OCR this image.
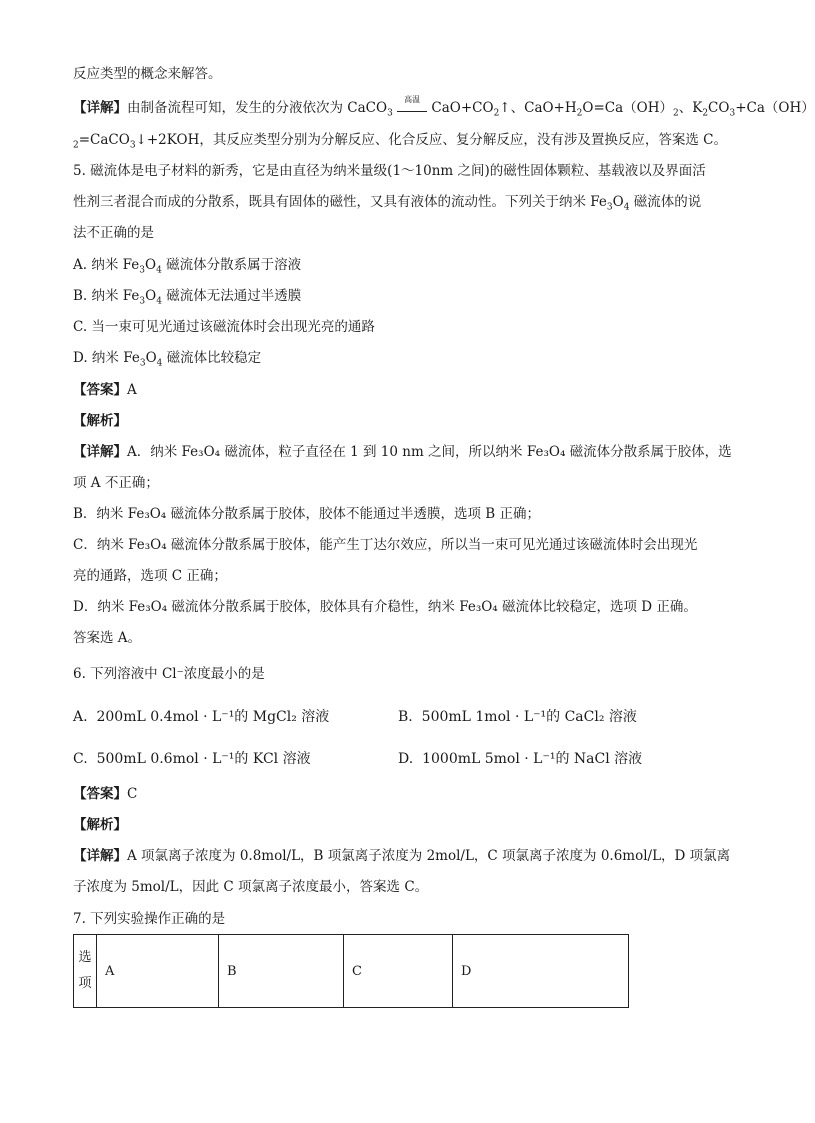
反应类型的概念来解答。
【详解】由制备流程可知，发生的分液依次为 CaCO$_3$
高温
$CaO+CO_2↑$、$CaO+H_2O=Ca(OH)_2$、$K_2CO_3+Ca(OH)$
$_2$=CaCO$_3$↓+2KOH，其反应类型分别为分解反应、化合反应、复分解反应，没有涉及置换反应，答案选 C。
5. 磁流体是电子材料的新秀，它是由直径为纳米量级(1～10nm 之间)的磁性固体颗粒、基载液以及界面活
性剂三者混合而成的分散系，既具有固体的磁性，又具有液体的流动性。下列关于纳米 $Fe_3O_4$ 磁流体的说
法不正确的是
A. 纳米 $Fe_3O_4$ 磁流体分散系属于溶液
B. 纳米 $Fe_3O_4$ 磁流体无法通过半透膜
C. 当一束可见光通过该磁流体时会出现光亮的通路
D. 纳米 $Fe_3O_4$ 磁流体比较稳定
【答案】A
【解析】
【详解】A．纳米 Fe₃O₄ 磁流体，粒子直径在 1 到 10 nm 之间，所以纳米 Fe₃O₄ 磁流体分散系属于胶体，选
项 A 不正确；
B．纳米 Fe₃O₄ 磁流体分散系属于胶体，胶体不能通过半透膜，选项 B 正确；
C．纳米 Fe₃O₄ 磁流体分散系属于胶体，能产生丁达尔效应，所以当一束可见光通过该磁流体时会出现光
亮的通路，选项 C 正确；
D．纳米 Fe₃O₄ 磁流体分散系属于胶体，胶体具有介稳性，纳米 Fe₃O₄ 磁流体比较稳定，选项 D 正确。
答案选 A。
6. 下列溶液中 Cl⁻浓度最小的是
A. 200mL 0.4mol · L⁻¹的 MgCl₂ 溶液	B. 500mL 1mol · L⁻¹的 CaCl₂ 溶液
C. 500mL 0.6mol · L⁻¹的 KCl 溶液	D. 1000mL 5mol · L⁻¹的 NaCl 溶液
【答案】C
【解析】
【详解】A 项氯离子浓度为 0.8mol/L，B 项氯离子浓度为 2mol/L，C 项氯离子浓度为 0.6mol/L，D 项氯离
子浓度为 5mol/L，因此 C 项氯离子浓度最小，答案选 C。
7. 下列实验操作正确的是
选
项
	A	B	C	D
